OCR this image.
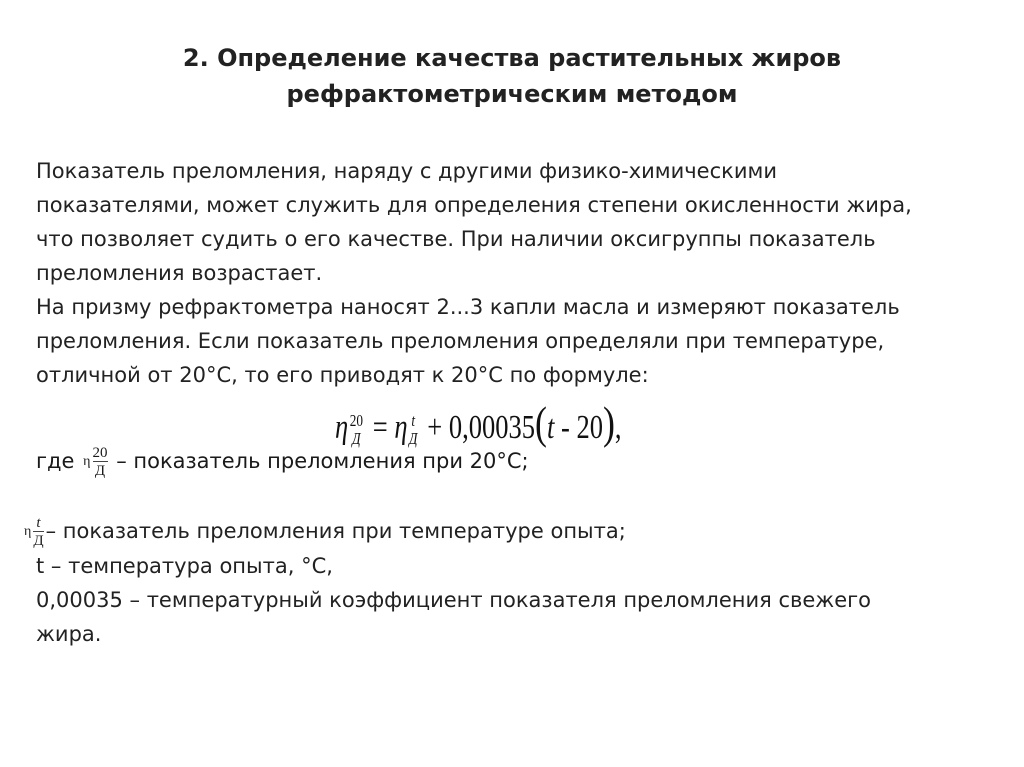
2. Определение качества растительных жиров
рефрактометрическим методом
Показатель преломления, наряду с другими физико-химическими
показателями, может служить для определения степени окисленности жира,
что позволяет судить о его качестве. При наличии оксигруппы показатель
преломления возрастает.
На призму рефрактометра наносят 2...3 капли масла и измеряют показатель
преломления. Если показатель преломления определяли при температуре,
отличной от 20°С, то его приводят к 20°С по формуле:
η 20
Д = η t
Д + 0,00035(t - 20),
где η $\frac{20}{Д}$ – показатель преломления при 20°С;
η $\frac{t}{Д}$ – показатель преломления при температуре опыта;
t – температура опыта, °С,
0,00035 – температурный коэффициент показателя преломления свежего
жира.
